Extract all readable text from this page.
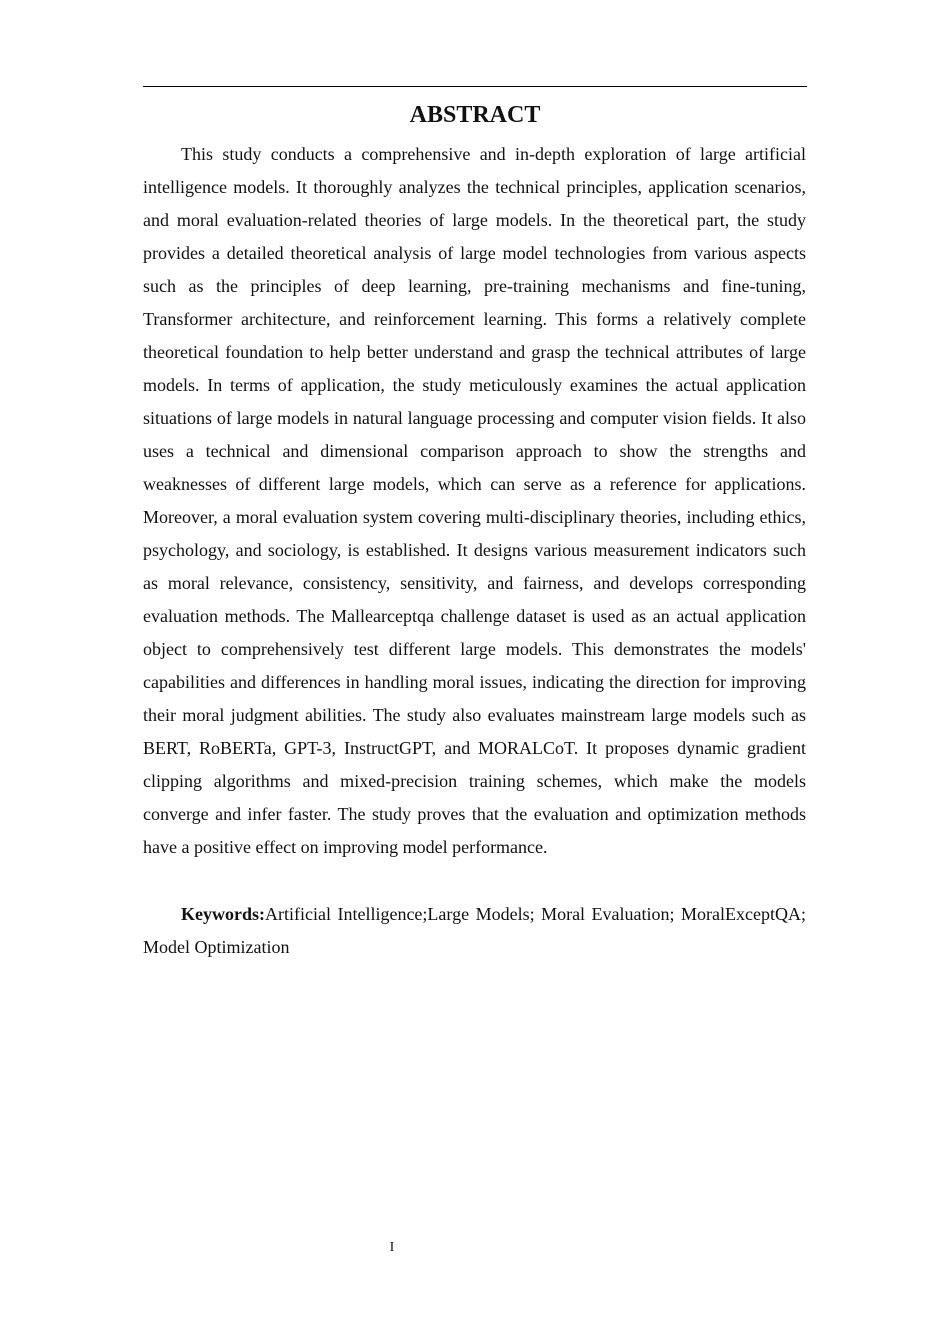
ABSTRACT

This study conducts a comprehensive and in-depth exploration of large artificial intelligence models. It thoroughly analyzes the technical principles, application scenarios, and moral evaluation-related theories of large models. In the theoretical part, the study provides a detailed theoretical analysis of large model technologies from various aspects such as the principles of deep learning, pre-training mechanisms and fine-tuning, Transformer architecture, and reinforcement learning. This forms a relatively complete theoretical foundation to help better understand and grasp the technical attributes of large models. In terms of application, the study meticulously examines the actual application situations of large models in natural language processing and computer vision fields. It also uses a technical and dimensional comparison approach to show the strengths and weaknesses of different large models, which can serve as a reference for applications. Moreover, a moral evaluation system covering multi-disciplinary theories, including ethics, psychology, and sociology, is established. It designs various measurement indicators such as moral relevance, consistency, sensitivity, and fairness, and develops corresponding evaluation methods. The Mallearceptqa challenge dataset is used as an actual application object to comprehensively test different large models. This demonstrates the models' capabilities and differences in handling moral issues, indicating the direction for improving their moral judgment abilities. The study also evaluates mainstream large models such as BERT, RoBERTa, GPT-3, InstructGPT, and MORALCoT. It proposes dynamic gradient clipping algorithms and mixed-precision training schemes, which make the models converge and infer faster. The study proves that the evaluation and optimization methods have a positive effect on improving model performance.

Keywords:Artificial Intelligence;Large Models; Moral Evaluation; MoralExceptQA; Model Optimization

I
